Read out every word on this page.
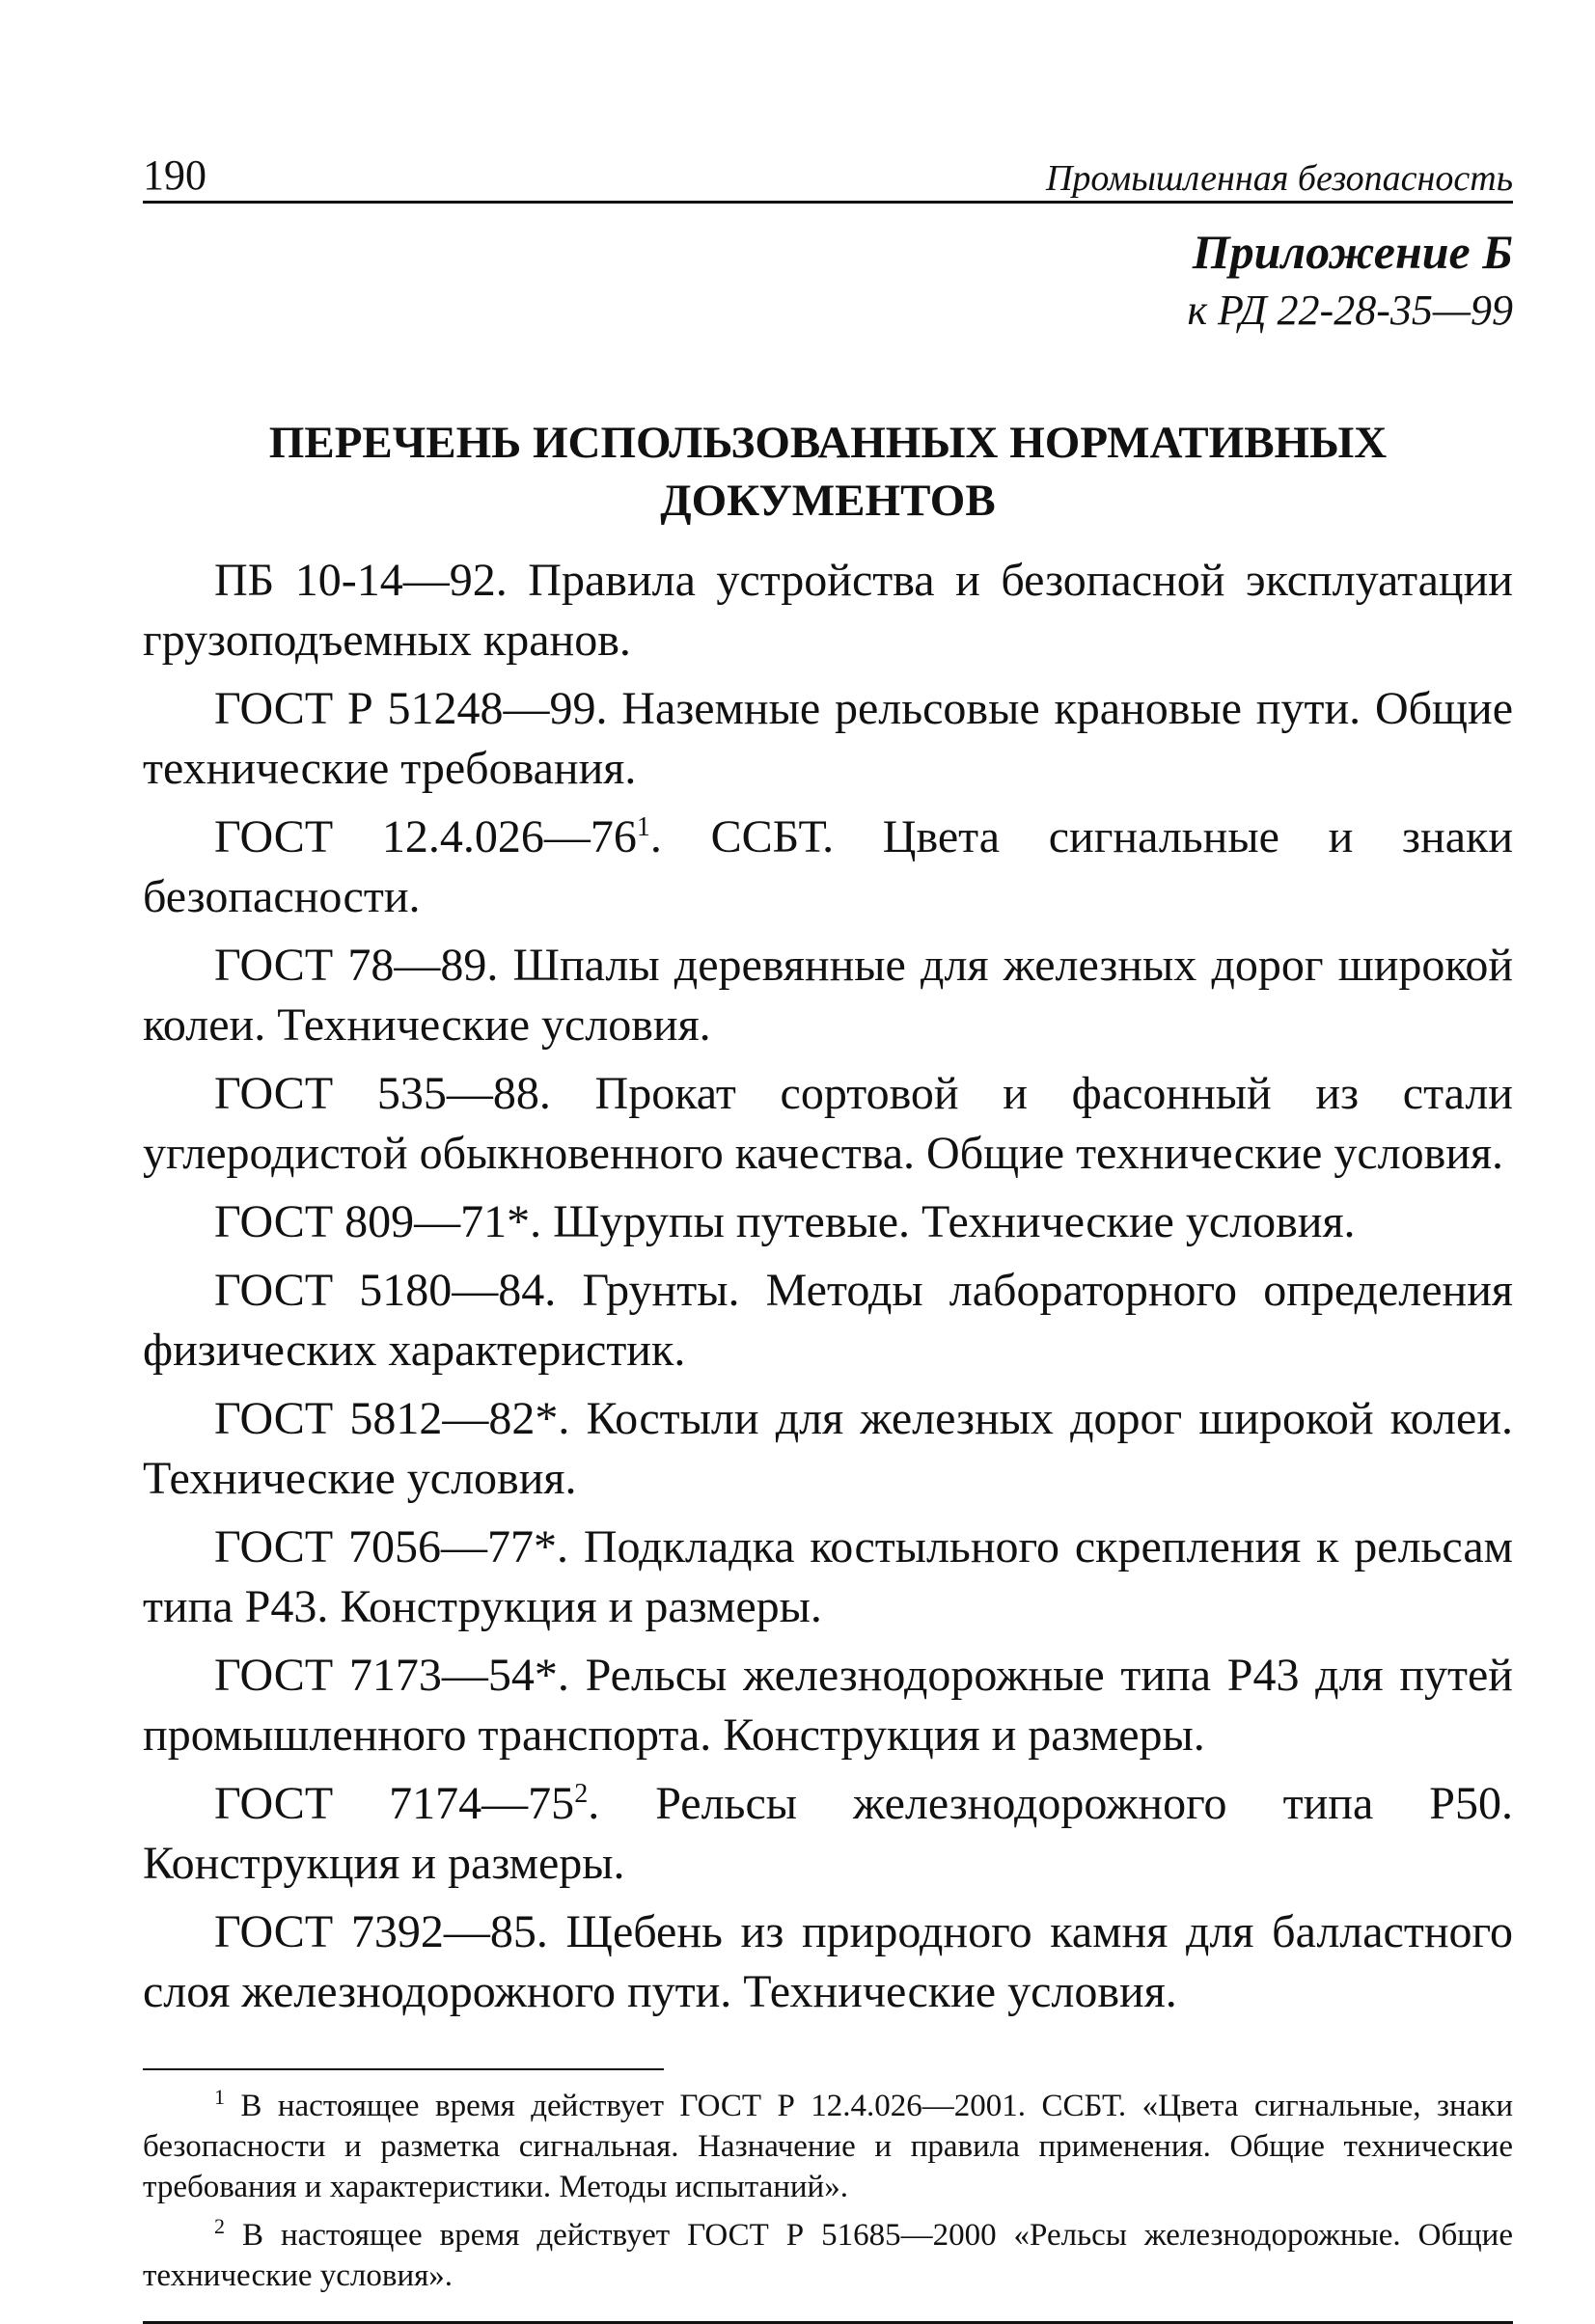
190	Промышленная безопасность
Приложение Б
к РД 22-28-35—99
ПЕРЕЧЕНЬ ИСПОЛЬЗОВАННЫХ НОРМАТИВНЫХ
ДОКУМЕНТОВ

ПБ 10-14—92. Правила устройства и безопасной эксплуатации грузоподъемных кранов.

ГОСТ Р 51248—99. Наземные рельсовые крановые пути. Общие технические требования.

ГОСТ $12.4.026—76^1$. ССБТ. Цвета сигнальные и знаки безопасности.

ГОСТ 78—89. Шпалы деревянные для железных дорог широкой колеи. Технические условия.

ГОСТ 535—88. Прокат сортовой и фасонный из стали углеродистой обыкновенного качества. Общие технические условия.

ГОСТ 809—71*. Шурупы путевые. Технические условия.

ГОСТ 5180—84. Грунты. Методы лабораторного определения физических характеристик.

ГОСТ 5812—82*. Костыли для железных дорог широкой колеи. Технические условия.

ГОСТ 7056—77*. Подкладка костыльного скрепления к рельсам типа Р43. Конструкция и размеры.

ГОСТ 7173—54*. Рельсы железнодорожные типа Р43 для путей промышленного транспорта. Конструкция и размеры.

ГОСТ $7174—75^2$. Рельсы железнодорожного типа Р50. Конструкция и размеры.

ГОСТ 7392—85. Щебень из природного камня для балластного слоя железнодорожного пути. Технические условия.

$^1$ В настоящее время действует ГОСТ Р 12.4.026—2001. ССБТ. «Цвета сигнальные, знаки безопасности и разметка сигнальная. Назначение и правила применения. Общие технические требования и характеристики. Методы испытаний».

$^2$ В настоящее время действует ГОСТ Р 51685—2000 «Рельсы железнодорожные. Общие технические условия».
